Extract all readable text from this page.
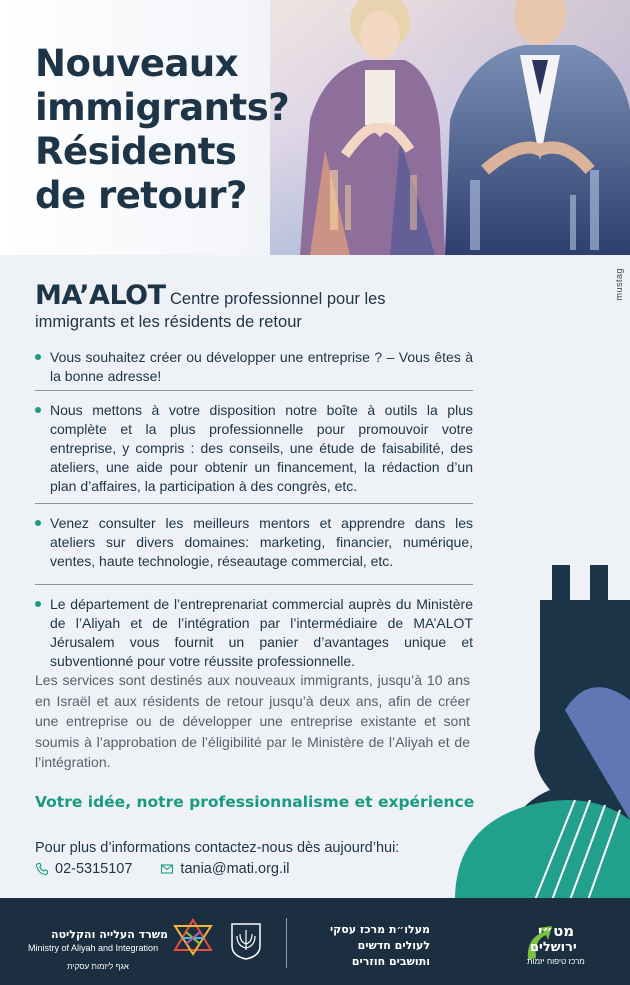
Nouveaux
immigrants?
Résidents
de retour?
mustag
MA’ALOT Centre professionnel pour les
immigrants et les résidents de retour
Vous souhaitez créer ou développer une entreprise ? – Vous êtes à la bonne adresse!
Nous mettons à votre disposition notre boîte à outils la plus complète et la plus professionnelle pour promouvoir votre entreprise, y compris : des conseils, une étude de faisabilité, des ateliers, une aide pour obtenir un financement, la rédaction d’un plan d’affaires, la participation à des congrès, etc.
Venez consulter les meilleurs mentors et apprendre dans les ateliers sur divers domaines: marketing, financier, numérique, ventes, haute technologie, réseautage commercial, etc.
Le département de l’entreprenariat commercial auprès du Ministère de l’Aliyah et de l’intégration par l’intermédiaire de MA’ALOT Jérusalem vous fournit un panier d’avantages unique et subventionné pour votre réussite professionnelle.

Les services sont destinés aux nouveaux immigrants, jusqu’à 10 ans en Israël et aux résidents de retour jusqu’à deux ans, afin de créer une entreprise ou de développer une entreprise existante et sont soumis à l’approbation de l’éligibilité par le Ministère de l’Aliyah et de l’intégration.

Votre idée, notre professionnalisme et expérience

Pour plus d’informations contactez-nous dès aujourd’hui:

02-5315107	tania@mati.org.il
מט״י
ירושלים
מרכז טיפוח יזמות
מעלו״ת מרכז עסקי
לעולים חדשים
ותושבים חוזרים
משרד העלייה והקליטה
Ministry of Aliyah and Integration
אגף ליזמות עסקית
